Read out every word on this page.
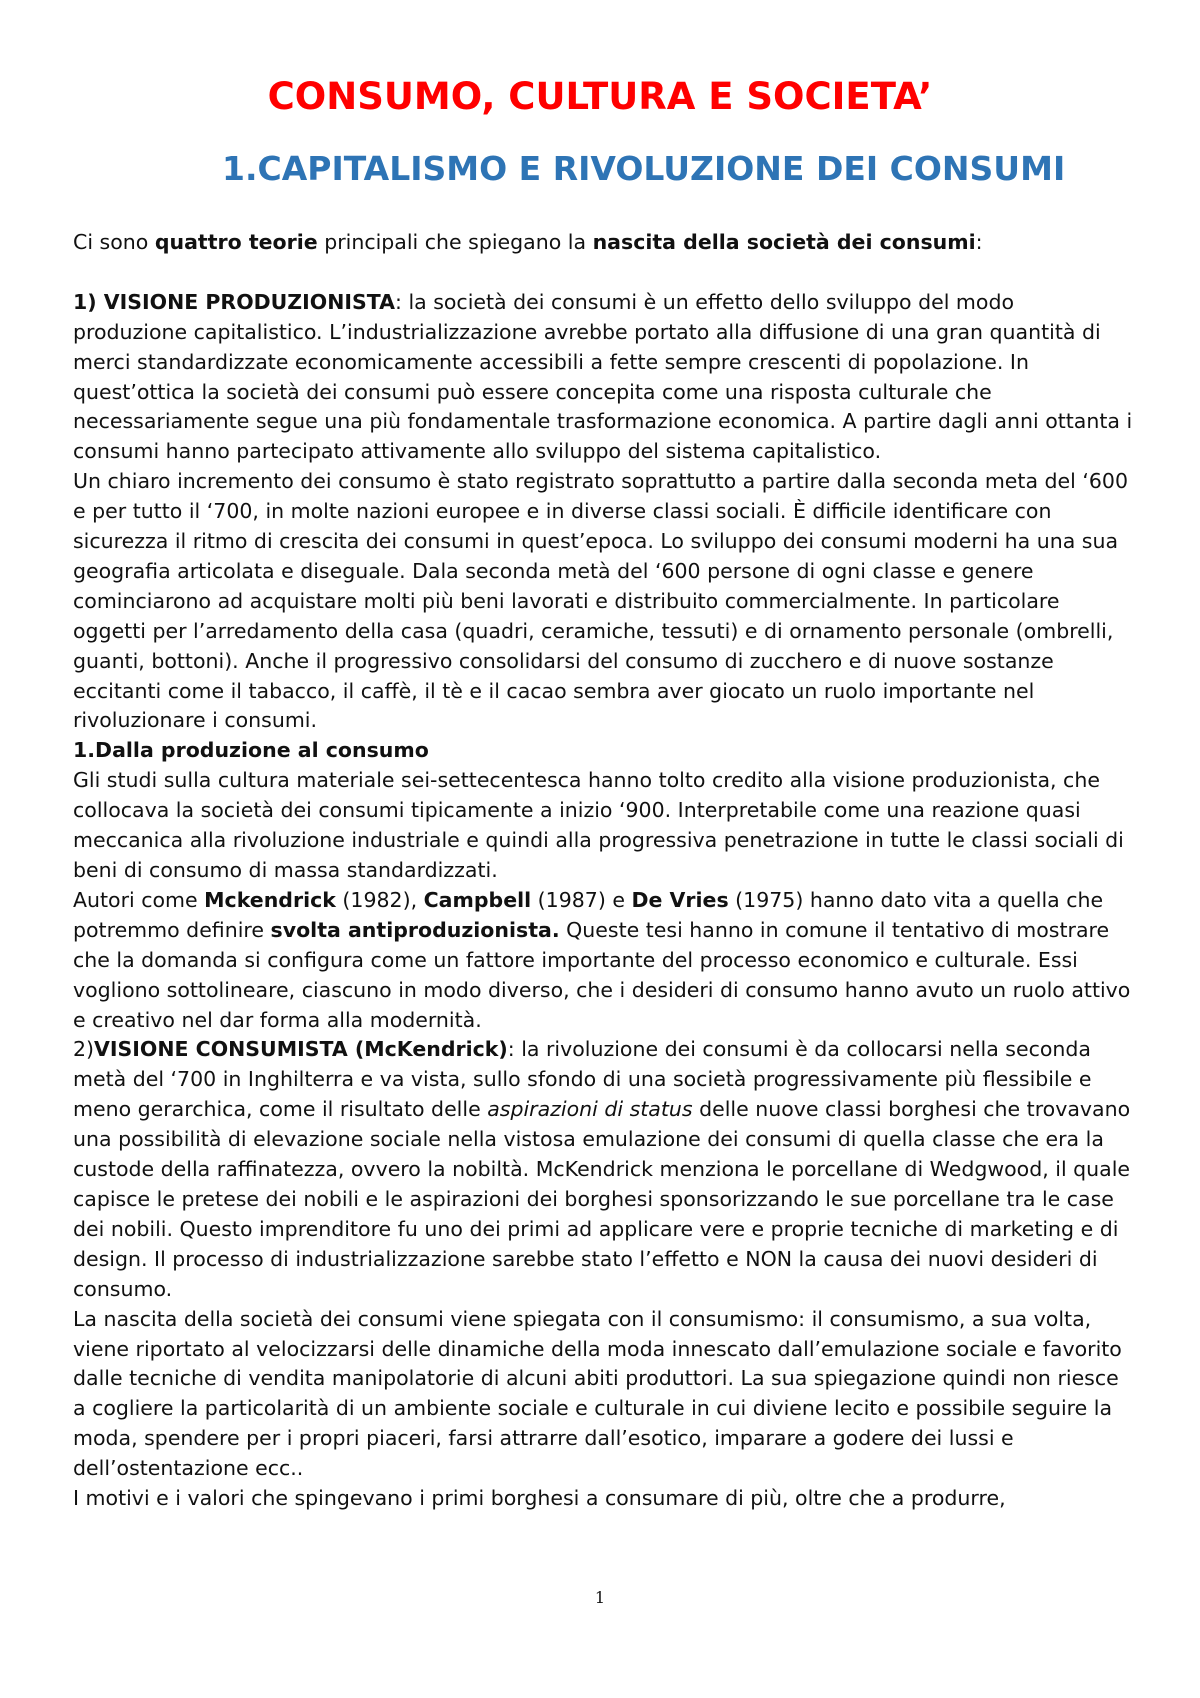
CONSUMO, CULTURA E SOCIETA’
1.CAPITALISMO E RIVOLUZIONE DEI CONSUMI

Ci sono quattro teorie principali che spiegano la nascita della società dei consumi:

1) VISIONE PRODUZIONISTA: la società dei consumi è un effetto dello sviluppo del modo produzione capitalistico. L’industrializzazione avrebbe portato alla diffusione di una gran quantità di merci standardizzate economicamente accessibili a fette sempre crescenti di popolazione. In quest’ottica la società dei consumi può essere concepita come una risposta culturale che necessariamente segue una più fondamentale trasformazione economica. A partire dagli anni ottanta i consumi hanno partecipato attivamente allo sviluppo del sistema capitalistico.

Un chiaro incremento dei consumo è stato registrato soprattutto a partire dalla seconda meta del ‘600 e per tutto il ‘700, in molte nazioni europee e in diverse classi sociali. È difficile identificare con sicurezza il ritmo di crescita dei consumi in quest’epoca. Lo sviluppo dei consumi moderni ha una sua geografia articolata e diseguale. Dala seconda metà del ‘600 persone di ogni classe e genere cominciarono ad acquistare molti più beni lavorati e distribuito commercialmente. In particolare oggetti per l’arredamento della casa (quadri, ceramiche, tessuti) e di ornamento personale (ombrelli, guanti, bottoni). Anche il progressivo consolidarsi del consumo di zucchero e di nuove sostanze eccitanti come il tabacco, il caffè, il tè e il cacao sembra aver giocato un ruolo importante nel rivoluzionare i consumi.

1.Dalla produzione al consumo

Gli studi sulla cultura materiale sei-settecentesca hanno tolto credito alla visione produzionista, che collocava la società dei consumi tipicamente a inizio ‘900. Interpretabile come una reazione quasi meccanica alla rivoluzione industriale e quindi alla progressiva penetrazione in tutte le classi sociali di beni di consumo di massa standardizzati.

Autori come Mckendrick (1982), Campbell (1987) e De Vries (1975) hanno dato vita a quella che potremmo definire svolta antiproduzionista. Queste tesi hanno in comune il tentativo di mostrare che la domanda si configura come un fattore importante del processo economico e culturale. Essi vogliono sottolineare, ciascuno in modo diverso, che i desideri di consumo hanno avuto un ruolo attivo e creativo nel dar forma alla modernità.

2)VISIONE CONSUMISTA (McKendrick): la rivoluzione dei consumi è da collocarsi nella seconda metà del ‘700 in Inghilterra e va vista, sullo sfondo di una società progressivamente più flessibile e meno gerarchica, come il risultato delle aspirazioni di status delle nuove classi borghesi che trovavano una possibilità di elevazione sociale nella vistosa emulazione dei consumi di quella classe che era la custode della raffinatezza, ovvero la nobiltà. McKendrick menziona le porcellane di Wedgwood, il quale capisce le pretese dei nobili e le aspirazioni dei borghesi sponsorizzando le sue porcellane tra le case dei nobili. Questo imprenditore fu uno dei primi ad applicare vere e proprie tecniche di marketing e di design. Il processo di industrializzazione sarebbe stato l’effetto e NON la causa dei nuovi desideri di consumo.

La nascita della società dei consumi viene spiegata con il consumismo: il consumismo, a sua volta, viene riportato al velocizzarsi delle dinamiche della moda innescato dall’emulazione sociale e favorito dalle tecniche di vendita manipolatorie di alcuni abiti produttori. La sua spiegazione quindi non riesce a cogliere la particolarità di un ambiente sociale e culturale in cui diviene lecito e possibile seguire la moda, spendere per i propri piaceri, farsi attrarre dall’esotico, imparare a godere dei lussi e dell’ostentazione ecc..

I motivi e i valori che spingevano i primi borghesi a consumare di più, oltre che a produrre,

1
